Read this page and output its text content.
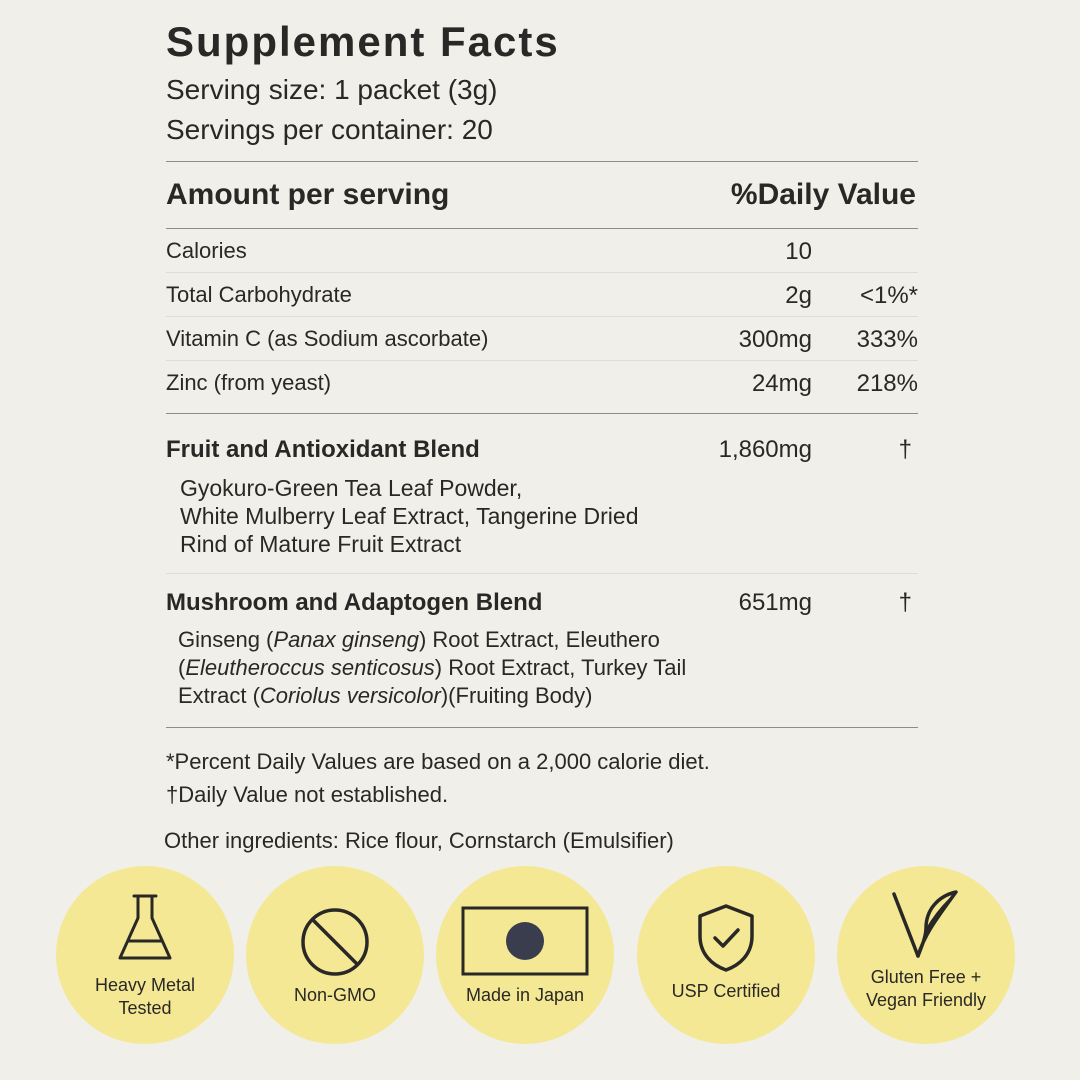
Supplement Facts
Serving size: 1 packet (3g)
Servings per container: 20
Amount per serving	%Daily Value
Calories	10
Total Carbohydrate	2g <1%*
Vitamin C (as Sodium ascorbate)	300mg 333%
Zinc (from yeast)	24mg 218%
Fruit and Antioxidant Blend	1,860mg	†
Gyokuro-Green Tea Leaf Powder,
White Mulberry Leaf Extract, Tangerine Dried
Rind of Mature Fruit Extract
Mushroom and Adaptogen Blend	651mg	†
Ginseng (Panax ginseng) Root Extract, Eleuthero
(Eleutheroccus senticosus) Root Extract, Turkey Tail
Extract (Coriolus versicolor)(Fruiting Body)
*Percent Daily Values are based on a 2,000 calorie diet.
†Daily Value not established.
Other ingredients: Rice flour, Cornstarch (Emulsifier)
Heavy Metal
Tested
Non-GMO	Made in Japan	USP Certified
Gluten Free +
Vegan Friendly
